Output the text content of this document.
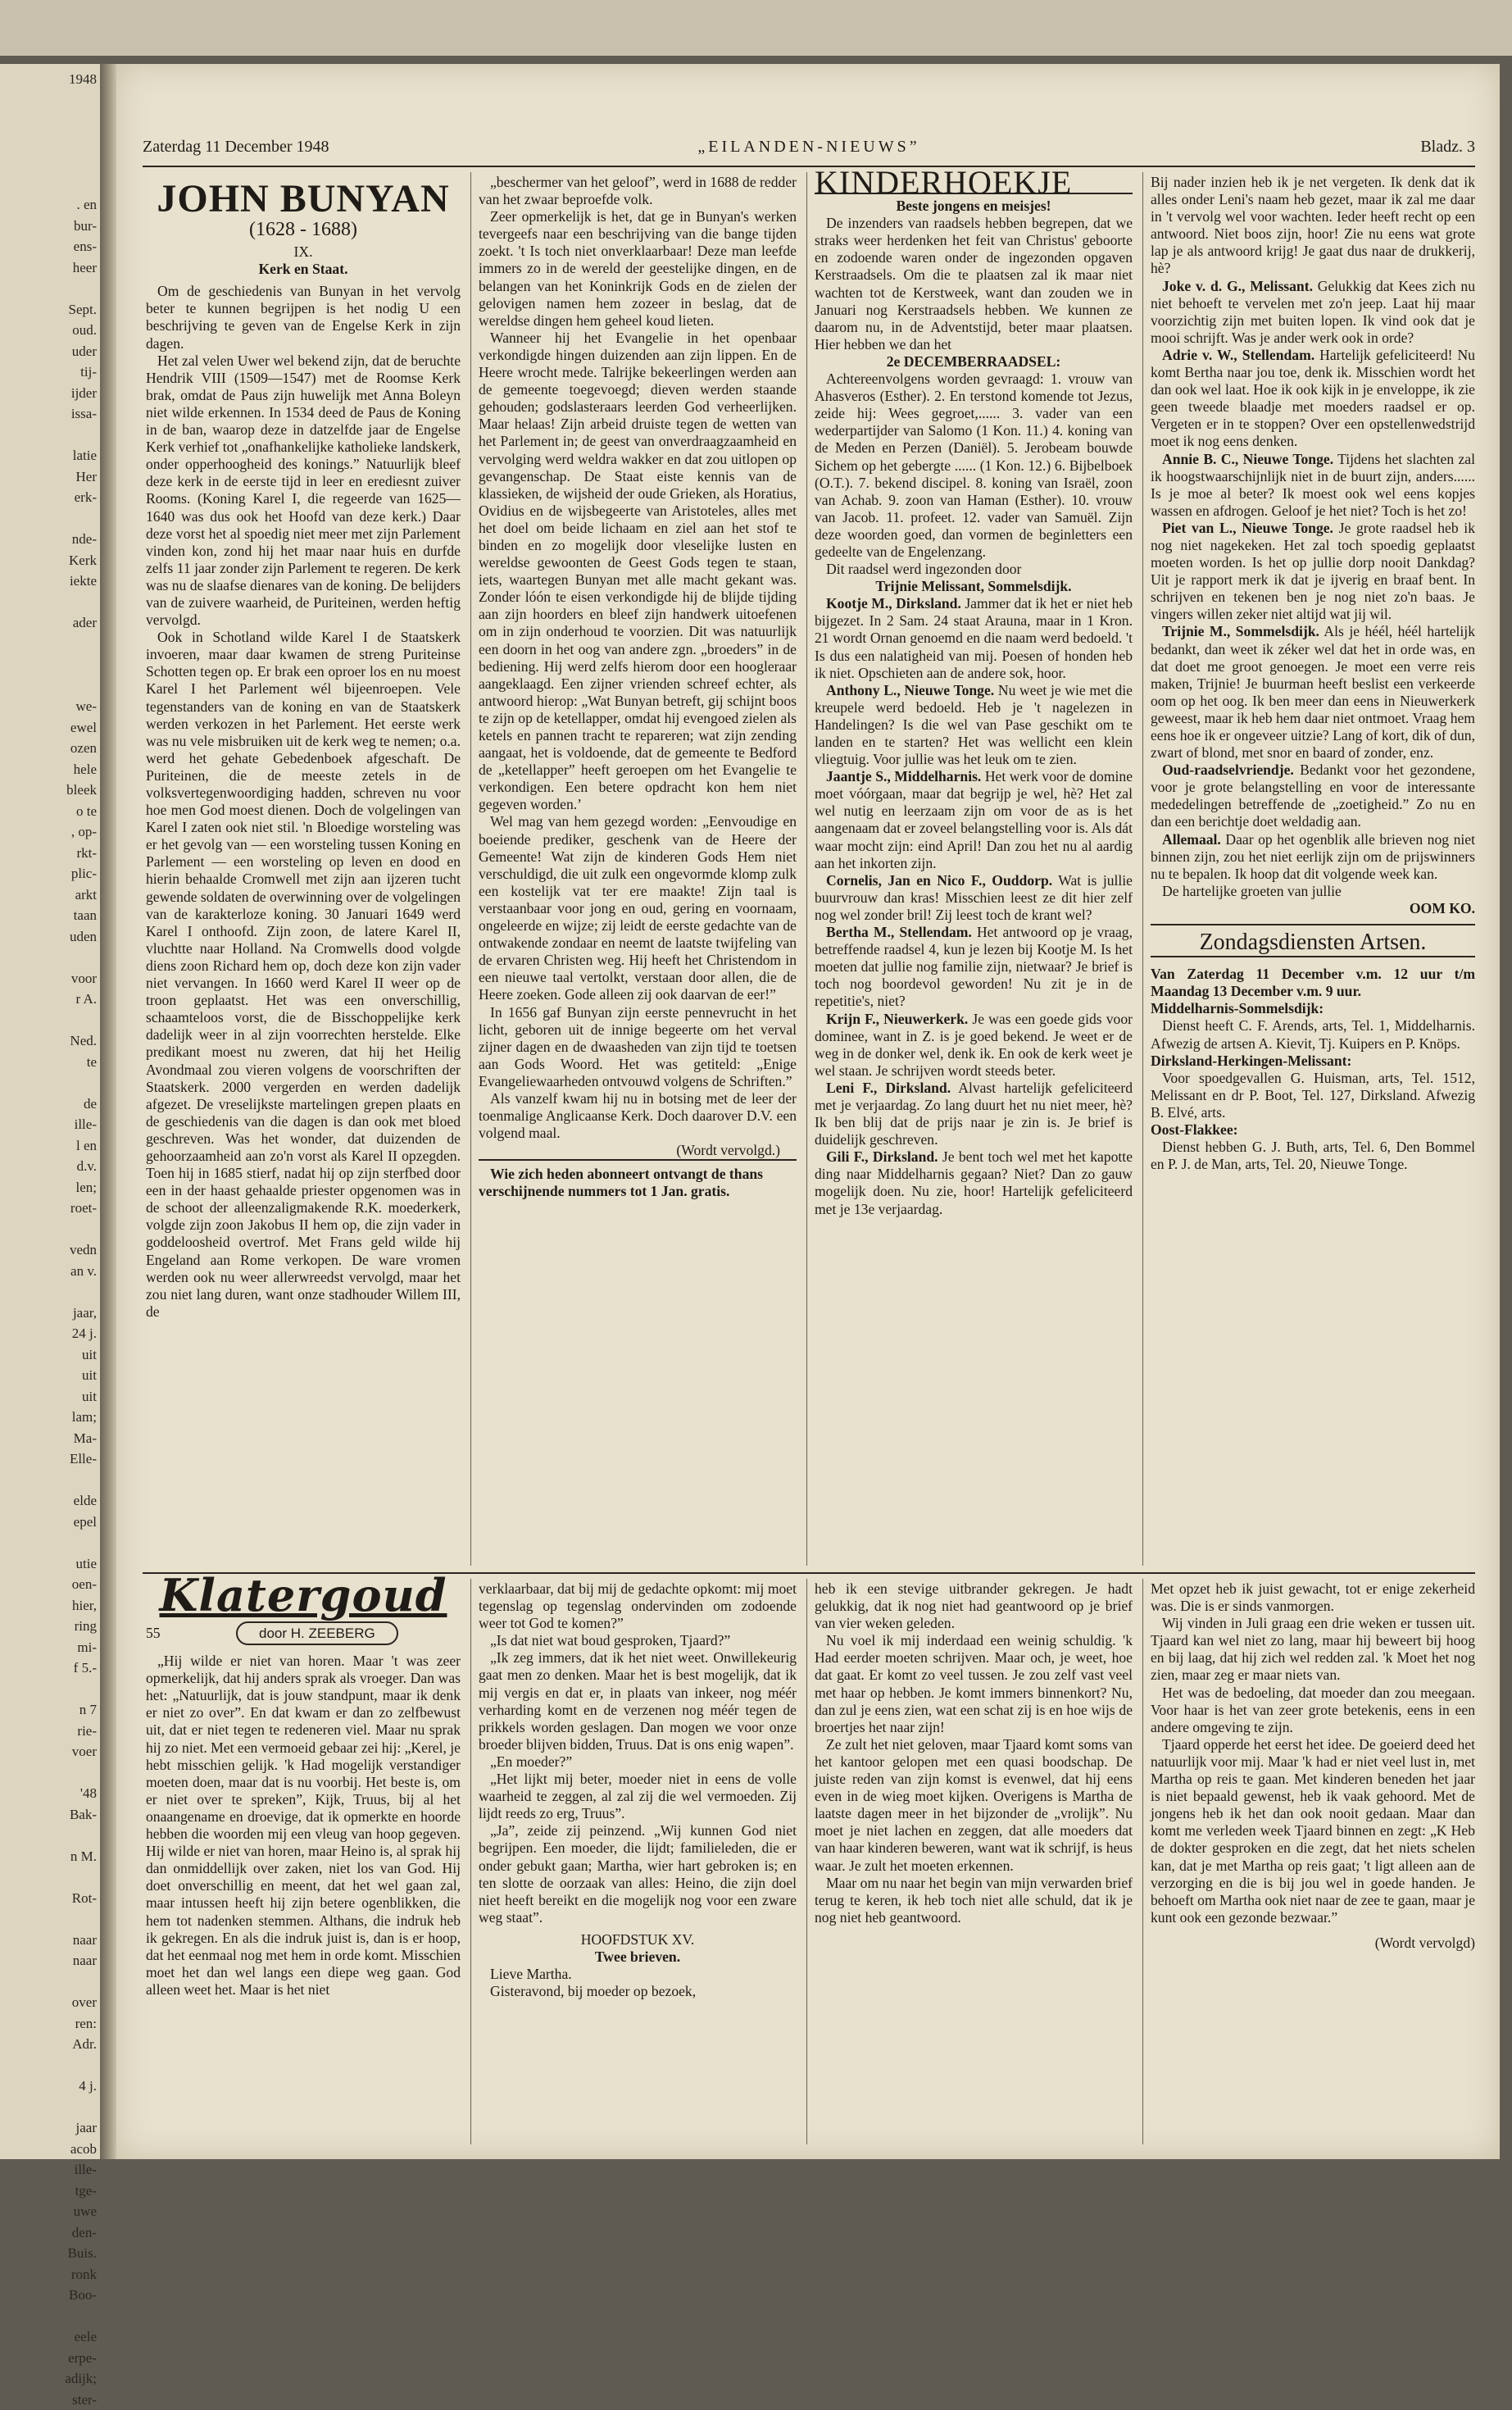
1948

. en
bur-
ens-
heer

Sept.
oud.
uder
tij-
ijder
issa-

latie
Her
erk-

nde-
Kerk
iekte

ader

we-
ewel
ozen
hele
bleek
o te
, op-
rkt-
plic-
arkt
taan
uden

voor
r A.

Ned.
te

de
ille-
l en
d.v.
len;
roet-

vedn
an v.

jaar,
24 j.
uit
uit
uit
lam;
Ma-
Elle-

elde
epel

utie
oen-
hier,
ring
mi-
f 5.-

n 7
rie-
voer

'48
Bak-

n M.

Rot-

naar
naar

over
ren:
Adr.

4 j.

jaar
acob
ille-
tge-
uwe
den-
Buis.
ronk
Boo-

eele
erpe-
adijk;
ster-
Zaterdag 11 December 1948	„EILANDEN-NIEUWS”	Bladz. 3
JOHN BUNYAN
(1628 - 1688)

IX.

Kerk en Staat.

Om de geschiedenis van Bunyan in het vervolg beter te kunnen begrijpen is het nodig U een beschrijving te geven van de Engelse Kerk in zijn dagen.

Het zal velen Uwer wel bekend zijn, dat de beruchte Hendrik VIII (1509—1547) met de Roomse Kerk brak, omdat de Paus zijn huwelijk met Anna Boleyn niet wilde erkennen. In 1534 deed de Paus de Koning in de ban, waarop deze in datzelfde jaar de Engelse Kerk verhief tot „onafhankelijke katholieke landskerk, onder opperhoogheid des konings.” Natuurlijk bleef deze kerk in de eerste tijd in leer en erediesnt zuiver Rooms. (Koning Karel I, die regeerde van 1625—1640 was dus ook het Hoofd van deze kerk.) Daar deze vorst het al spoedig niet meer met zijn Parlement vinden kon, zond hij het maar naar huis en durfde zelfs 11 jaar zonder zijn Parlement te regeren. De kerk was nu de slaafse dienares van de koning. De belijders van de zuivere waarheid, de Puriteinen, werden heftig vervolgd.

Ook in Schotland wilde Karel I de Staatskerk invoeren, maar daar kwamen de streng Puriteinse Schotten tegen op. Er brak een oproer los en nu moest Karel I het Parlement wél bijeenroepen. Vele tegenstanders van de koning en van de Staatskerk werden verkozen in het Parlement. Het eerste werk was nu vele misbruiken uit de kerk weg te nemen; o.a. werd het gehate Gebedenboek afgeschaft. De Puriteinen, die de meeste zetels in de volksvertegenwoordiging hadden, schreven nu voor hoe men God moest dienen. Doch de volgelingen van Karel I zaten ook niet stil. 'n Bloedige worsteling was er het gevolg van — een worsteling tussen Koning en Parlement — een worsteling op leven en dood en hierin behaalde Cromwell met zijn aan ijzeren tucht gewende soldaten de overwinning over de volgelingen van de karakterloze koning. 30 Januari 1649 werd Karel I onthoofd. Zijn zoon, de latere Karel II, vluchtte naar Holland. Na Cromwells dood volgde diens zoon Richard hem op, doch deze kon zijn vader niet vervangen. In 1660 werd Karel II weer op de troon geplaatst. Het was een onverschillig, schaamteloos vorst, die de Bisschoppelijke kerk dadelijk weer in al zijn voorrechten herstelde. Elke predikant moest nu zweren, dat hij het Heilig Avondmaal zou vieren volgens de voorschriften der Staatskerk. 2000 vergerden en werden dadelijk afgezet. De vreselijkste martelingen grepen plaats en de geschiedenis van die dagen is dan ook met bloed geschreven. Was het wonder, dat duizenden de gehoorzaamheid aan zo'n vorst als Karel II opzegden. Toen hij in 1685 stierf, nadat hij op zijn sterfbed door een in der haast gehaalde priester opgenomen was in de schoot der alleenzaligmakende R.K. moederkerk, volgde zijn zoon Jakobus II hem op, die zijn vader in goddeloosheid overtrof. Met Frans geld wilde hij Engeland aan Rome verkopen. De ware vromen werden ook nu weer allerwreedst vervolgd, maar het zou niet lang duren, want onze stadhouder Willem III, de

„beschermer van het geloof”, werd in 1688 de redder van het zwaar beproefde volk.

Zeer opmerkelijk is het, dat ge in Bunyan's werken tevergeefs naar een beschrijving van die bange tijden zoekt. 't Is toch niet onverklaarbaar! Deze man leefde immers zo in de wereld der geestelijke dingen, en de belangen van het Koninkrijk Gods en de zielen der gelovigen namen hem zozeer in beslag, dat de wereldse dingen hem geheel koud lieten.

Wanneer hij het Evangelie in het openbaar verkondigde hingen duizenden aan zijn lippen. En de Heere wrocht mede. Talrijke bekeerlingen werden aan de gemeente toegevoegd; dieven werden staande gehouden; godslasteraars leerden God verheerlijken. Maar helaas! Zijn arbeid druiste tegen de wetten van het Parlement in; de geest van onverdraagzaamheid en vervolging werd weldra wakker en dat zou uitlopen op gevangenschap. De Staat eiste kennis van de klassieken, de wijsheid der oude Grieken, als Horatius, Ovidius en de wijsbegeerte van Aristoteles, alles met het doel om beide lichaam en ziel aan het stof te binden en zo mogelijk door vleselijke lusten en wereldse gewoonten de Geest Gods tegen te staan, iets, waartegen Bunyan met alle macht gekant was. Zonder lóón te eisen verkondigde hij de blijde tijding aan zijn hoorders en bleef zijn handwerk uitoefenen om in zijn onderhoud te voorzien. Dit was natuurlijk een doorn in het oog van andere zgn. „broeders” in de bediening. Hij werd zelfs hierom door een hoogleraar aangeklaagd. Een zijner vrienden schreef echter, als antwoord hierop: „Wat Bunyan betreft, gij schijnt boos te zijn op de ketellapper, omdat hij evengoed zielen als ketels en pannen tracht te repareren; wat zijn zending aangaat, het is voldoende, dat de gemeente te Bedford de „ketellapper” heeft geroepen om het Evangelie te verkondigen. Een betere opdracht kon hem niet gegeven worden.’

Wel mag van hem gezegd worden: „Eenvoudige en boeiende prediker, geschenk van de Heere der Gemeente! Wat zijn de kinderen Gods Hem niet verschuldigd, die uit zulk een ongevormde klomp zulk een kostelijk vat ter ere maakte! Zijn taal is verstaanbaar voor jong en oud, gering en voornaam, ongeleerde en wijze; zij leidt de eerste gedachte van de ontwakende zondaar en neemt de laatste twijfeling van de ervaren Christen weg. Hij heeft het Christendom in een nieuwe taal vertolkt, verstaan door allen, die de Heere zoeken. Gode alleen zij ook daarvan de eer!”

In 1656 gaf Bunyan zijn eerste pennevrucht in het licht, geboren uit de innige begeerte om het verval zijner dagen en de dwaasheden van zijn tijd te toetsen aan Gods Woord. Het was getiteld: „Enige Evangeliewaarheden ontvouwd volgens de Schriften.”

Als vanzelf kwam hij nu in botsing met de leer der toenmalige Anglicaanse Kerk. Doch daarover D.V. een volgend maal.

(Wordt vervolgd.)

Wie zich heden abonneert ontvangt de thans verschijnende nummers tot 1 Jan. gratis.

KINDERHOEKJE

Beste jongens en meisjes!

De inzenders van raadsels hebben begrepen, dat we straks weer herdenken het feit van Christus' geboorte en zodoende waren onder de ingezonden opgaven Kerstraadsels. Om die te plaatsen zal ik maar niet wachten tot de Kerstweek, want dan zouden we in Januari nog Kerstraadsels hebben. We kunnen ze daarom nu, in de Adventstijd, beter maar plaatsen. Hier hebben we dan het

2e DECEMBERRAADSEL:

Achtereenvolgens worden gevraagd: 1. vrouw van Ahasveros (Esther). 2. En terstond komende tot Jezus, zeide hij: Wees gegroet,...... 3. vader van een wederpartijder van Salomo (1 Kon. 11.) 4. koning van de Meden en Perzen (Daniël). 5. Jerobeam bouwde Sichem op het gebergte ...... (1 Kon. 12.) 6. Bijbelboek (O.T.). 7. bekend discipel. 8. koning van Israël, zoon van Achab. 9. zoon van Haman (Esther). 10. vrouw van Jacob. 11. profeet. 12. vader van Samuël. Zijn deze woorden goed, dan vormen de beginletters een gedeelte van de Engelenzang.

Dit raadsel werd ingezonden door

Trijnie Melissant, Sommelsdijk.

Kootje M., Dirksland. Jammer dat ik het er niet heb bijgezet. In 2 Sam. 24 staat Arauna, maar in 1 Kron. 21 wordt Ornan genoemd en die naam werd bedoeld. 't Is dus een nalatigheid van mij. Poesen of honden heb ik niet. Opschieten aan de andere sok, hoor.

Anthony L., Nieuwe Tonge. Nu weet je wie met die kreupele werd bedoeld. Heb je 't nagelezen in Handelingen? Is die wel van Pase geschikt om te landen en te starten? Het was wellicht een klein vliegtuig. Voor jullie was het leuk om te zien.

Jaantje S., Middelharnis. Het werk voor de domine moet vóórgaan, maar dat begrijp je wel, hè? Het zal wel nutig en leerzaam zijn om voor de as is het aangenaam dat er zoveel belangstelling voor is. Als dát waar mocht zijn: eind April! Dan zou het nu al aardig aan het inkorten zijn.

Cornelis, Jan en Nico F., Ouddorp. Wat is jullie buurvrouw dan kras! Misschien leest ze dit hier zelf nog wel zonder bril! Zij leest toch de krant wel?

Bertha M., Stellendam. Het antwoord op je vraag, betreffende raadsel 4, kun je lezen bij Kootje M. Is het moeten dat jullie nog familie zijn, nietwaar? Je brief is toch nog boordevol geworden! Nu zit je in de repetitie's, niet?

Krijn F., Nieuwerkerk. Je was een goede gids voor dominee, want in Z. is je goed bekend. Je weet er de weg in de donker wel, denk ik. En ook de kerk weet je wel staan. Je schrijven wordt steeds beter.

Leni F., Dirksland. Alvast hartelijk gefeliciteerd met je verjaardag. Zo lang duurt het nu niet meer, hè? Ik ben blij dat de prijs naar je zin is. Je brief is duidelijk geschreven.

Gili F., Dirksland. Je bent toch wel met het kapotte ding naar Middelharnis gegaan? Niet? Dan zo gauw mogelijk doen. Nu zie, hoor! Hartelijk gefeliciteerd met je 13e verjaardag.

Bij nader inzien heb ik je net vergeten. Ik denk dat ik alles onder Leni's naam heb gezet, maar ik zal me daar in 't vervolg wel voor wachten. Ieder heeft recht op een antwoord. Niet boos zijn, hoor! Zie nu eens wat grote lap je als antwoord krijg! Je gaat dus naar de drukkerij, hè?

Joke v. d. G., Melissant. Gelukkig dat Kees zich nu niet behoeft te vervelen met zo'n jeep. Laat hij maar voorzichtig zijn met buiten lopen. Ik vind ook dat je mooi schrijft. Was je ander werk ook in orde?

Adrie v. W., Stellendam. Hartelijk gefeliciteerd! Nu komt Bertha naar jou toe, denk ik. Misschien wordt het dan ook wel laat. Hoe ik ook kijk in je enveloppe, ik zie geen tweede blaadje met moeders raadsel er op. Vergeten er in te stoppen? Over een opstellenwedstrijd moet ik nog eens denken.

Annie B. C., Nieuwe Tonge. Tijdens het slachten zal ik hoogstwaarschijnlijk niet in de buurt zijn, anders...... Is je moe al beter? Ik moest ook wel eens kopjes wassen en afdrogen. Geloof je het niet? Toch is het zo!

Piet van L., Nieuwe Tonge. Je grote raadsel heb ik nog niet nagekeken. Het zal toch spoedig geplaatst moeten worden. Is het op jullie dorp nooit Dankdag? Uit je rapport merk ik dat je ijverig en braaf bent. In schrijven en tekenen ben je nog niet zo'n baas. Je vingers willen zeker niet altijd wat jij wil.

Trijnie M., Sommelsdijk. Als je héél, héél hartelijk bedankt, dan weet ik zéker wel dat het in orde was, en dat doet me groot genoegen. Je moet een verre reis maken, Trijnie! Je buurman heeft beslist een verkeerde oom op het oog. Ik ben meer dan eens in Nieuwerkerk geweest, maar ik heb hem daar niet ontmoet. Vraag hem eens hoe ik er ongeveer uitzie? Lang of kort, dik of dun, zwart of blond, met snor en baard of zonder, enz.

Oud-raadselvriendje. Bedankt voor het gezondene, voor je grote belangstelling en voor de interessante mededelingen betreffende de „zoetigheid.” Zo nu en dan een berichtje doet weldadig aan.

Allemaal. Daar op het ogenblik alle brieven nog niet binnen zijn, zou het niet eerlijk zijn om de prijswinners nu te bepalen. Ik hoop dat dit volgende week kan.

De hartelijke groeten van jullie

OOM KO.

Zondagsdiensten Artsen.

Van Zaterdag 11 December v.m. 12 uur t/m Maandag 13 December v.m. 9 uur.

Middelharnis-Sommelsdijk:

Dienst heeft C. F. Arends, arts, Tel. 1, Middelharnis. Afwezig de artsen A. Kievit, Tj. Kuipers en P. Knöps.

Dirksland-Herkingen-Melissant:

Voor spoedgevallen G. Huisman, arts, Tel. 1512, Melissant en dr P. Boot, Tel. 127, Dirksland. Afwezig B. Elvé, arts.

Oost-Flakkee:

Dienst hebben G. J. Buth, arts, Tel. 6, Den Bommel en P. J. de Man, arts, Tel. 20, Nieuwe Tonge.

Klatergoud
55	door H. ZEEBERG

„Hij wilde er niet van horen. Maar 't was zeer opmerkelijk, dat hij anders sprak als vroeger. Dan was het: „Natuurlijk, dat is jouw standpunt, maar ik denk er niet zo over”. En dat kwam er dan zo zelfbewust uit, dat er niet tegen te redeneren viel. Maar nu sprak hij zo niet. Met een vermoeid gebaar zei hij: „Kerel, je hebt misschien gelijk. 'k Had mogelijk verstandiger moeten doen, maar dat is nu voorbij. Het beste is, om er niet over te spreken”, Kijk, Truus, bij al het onaangename en droevige, dat ik opmerkte en hoorde hebben die woorden mij een vleug van hoop gegeven. Hij wilde er niet van horen, maar Heino is, al sprak hij dan onmiddellijk over zaken, niet los van God. Hij doet onverschillig en meent, dat het wel gaan zal, maar intussen heeft hij zijn betere ogenblikken, die hem tot nadenken stemmen. Althans, die indruk heb ik gekregen. En als die indruk juist is, dan is er hoop, dat het eenmaal nog met hem in orde komt. Misschien moet het dan wel langs een diepe weg gaan. God alleen weet het. Maar is het niet

verklaarbaar, dat bij mij de gedachte opkomt: mij moet tegenslag op tegenslag ondervinden om zodoende weer tot God te komen?”

„Is dat niet wat boud gesproken, Tjaard?”

„Ik zeg immers, dat ik het niet weet. Onwillekeurig gaat men zo denken. Maar het is best mogelijk, dat ik mij vergis en dat er, in plaats van inkeer, nog méér verharding komt en de verzenen nog méér tegen de prikkels worden geslagen. Dan mogen we voor onze broeder blijven bidden, Truus. Dat is ons enig wapen”.

„En moeder?”

„Het lijkt mij beter, moeder niet in eens de volle waarheid te zeggen, al zal zij die wel vermoeden. Zij lijdt reeds zo erg, Truus”.

„Ja”, zeide zij peinzend. „Wij kunnen God niet begrijpen. Een moeder, die lijdt; familieleden, die er onder gebukt gaan; Martha, wier hart gebroken is; en ten slotte de oorzaak van alles: Heino, die zijn doel niet heeft bereikt en die mogelijk nog voor een zware weg staat”.

HOOFDSTUK XV.

Twee brieven.

Lieve Martha.

Gisteravond, bij moeder op bezoek,

heb ik een stevige uitbrander gekregen. Je hadt gelukkig, dat ik nog niet had geantwoord op je brief van vier weken geleden.

Nu voel ik mij inderdaad een weinig schuldig. 'k Had eerder moeten schrijven. Maar och, je weet, hoe dat gaat. Er komt zo veel tussen. Je zou zelf vast veel met haar op hebben. Je komt immers binnenkort? Nu, dan zul je eens zien, wat een schat zij is en hoe wijs de broertjes het naar zijn!

Ze zult het niet geloven, maar Tjaard komt soms van het kantoor gelopen met een quasi boodschap. De juiste reden van zijn komst is evenwel, dat hij eens even in de wieg moet kijken. Overigens is Martha de laatste dagen meer in het bijzonder de „vrolijk”. Nu moet je niet lachen en zeggen, dat alle moeders dat van haar kinderen beweren, want wat ik schrijf, is heus waar. Je zult het moeten erkennen.

Maar om nu naar het begin van mijn verwarden brief terug te keren, ik heb toch niet alle schuld, dat ik je nog niet heb geantwoord.

Met opzet heb ik juist gewacht, tot er enige zekerheid was. Die is er sinds vanmorgen.

Wij vinden in Juli graag een drie weken er tussen uit. Tjaard kan wel niet zo lang, maar hij beweert bij hoog en bij laag, dat hij zich wel redden zal. 'k Moet het nog zien, maar zeg er maar niets van.

Het was de bedoeling, dat moeder dan zou meegaan. Voor haar is het van zeer grote betekenis, eens in een andere omgeving te zijn.

Tjaard opperde het eerst het idee. De goeierd deed het natuurlijk voor mij. Maar 'k had er niet veel lust in, met Martha op reis te gaan. Met kinderen beneden het jaar is niet bepaald gewenst, heb ik vaak gehoord. Met de jongens heb ik het dan ook nooit gedaan. Maar dan komt me verleden week Tjaard binnen en zegt: „K Heb de dokter gesproken en die zegt, dat het niets schelen kan, dat je met Martha op reis gaat; 't ligt alleen aan de verzorging en die is bij jou wel in goede handen. Je behoeft om Martha ook niet naar de zee te gaan, maar je kunt ook een gezonde bezwaar.”

(Wordt vervolgd)
